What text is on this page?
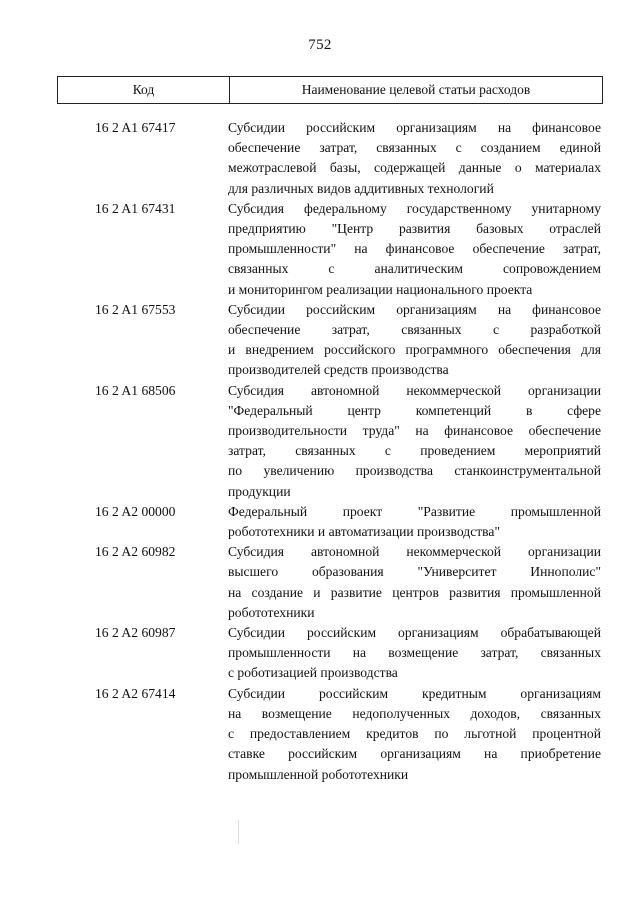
752
Код	Наименование целевой статьи расходов
16 2 A1 67417	Субсидии российским организациям на финансовое
обеспечение затрат, связанных с созданием единой
межотраслевой базы, содержащей данные о материалах
для различных видов аддитивных технологий
16 2 A1 67431	Субсидия федеральному государственному унитарному
предприятию "Центр развития базовых отраслей
промышленности" на финансовое обеспечение затрат,
связанных с аналитическим сопровождением
и мониторингом реализации национального проекта
16 2 A1 67553	Субсидии российским организациям на финансовое
обеспечение затрат, связанных с разработкой
и внедрением российского программного обеспечения для
производителей средств производства
16 2 A1 68506	Субсидия автономной некоммерческой организации
"Федеральный центр компетенций в сфере
производительности труда" на финансовое обеспечение
затрат, связанных с проведением мероприятий
по увеличению производства станкоинструментальной
продукции
16 2 A2 00000	Федеральный проект "Развитие промышленной
робототехники и автоматизации производства"
16 2 A2 60982	Субсидия автономной некоммерческой организации
высшего образования "Университет Иннополис"
на создание и развитие центров развития промышленной
робототехники
16 2 A2 60987	Субсидии российским организациям обрабатывающей
промышленности на возмещение затрат, связанных
с роботизацией производства
16 2 A2 67414	Субсидии российским кредитным организациям
на возмещение недополученных доходов, связанных
с предоставлением кредитов по льготной процентной
ставке российским организациям на приобретение
промышленной робототехники
